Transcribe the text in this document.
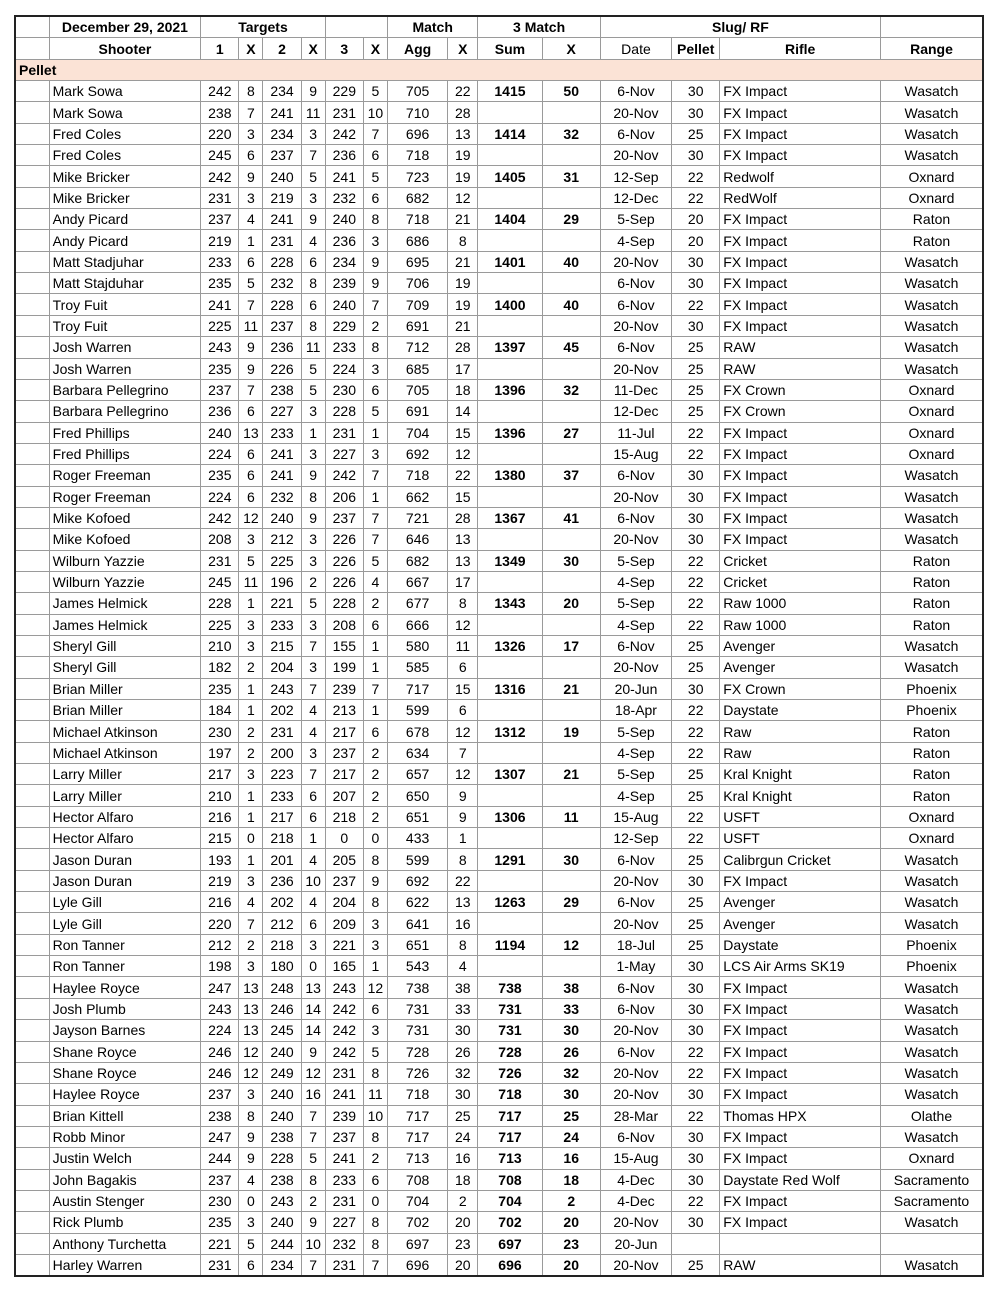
	December 29, 2021	Targets						Match		3 Match		Slug/ RF			
	Shooter	1	X	2	X	3	X	Agg	X	Sum	X	Date	Pellet	Rifle	Range
Pellet															
	Mark Sowa	242	8	234	9	229	5	705	22	1415	50	6-Nov	30	FX Impact	Wasatch
	Mark Sowa	238	7	241	11	231	10	710	28			20-Nov	30	FX Impact	Wasatch
	Fred Coles	220	3	234	3	242	7	696	13	1414	32	6-Nov	25	FX Impact	Wasatch
	Fred Coles	245	6	237	7	236	6	718	19			20-Nov	30	FX Impact	Wasatch
	Mike Bricker	242	9	240	5	241	5	723	19	1405	31	12-Sep	22	Redwolf	Oxnard
	Mike Bricker	231	3	219	3	232	6	682	12			12-Dec	22	RedWolf	Oxnard
	Andy Picard	237	4	241	9	240	8	718	21	1404	29	5-Sep	20	FX Impact	Raton
	Andy Picard	219	1	231	4	236	3	686	8			4-Sep	20	FX Impact	Raton
	Matt Stadjuhar	233	6	228	6	234	9	695	21	1401	40	20-Nov	30	FX Impact	Wasatch
	Matt Stajduhar	235	5	232	8	239	9	706	19			6-Nov	30	FX Impact	Wasatch
	Troy Fuit	241	7	228	6	240	7	709	19	1400	40	6-Nov	22	FX Impact	Wasatch
	Troy Fuit	225	11	237	8	229	2	691	21			20-Nov	30	FX Impact	Wasatch
	Josh Warren	243	9	236	11	233	8	712	28	1397	45	6-Nov	25	RAW	Wasatch
	Josh Warren	235	9	226	5	224	3	685	17			20-Nov	25	RAW	Wasatch
	Barbara Pellegrino	237	7	238	5	230	6	705	18	1396	32	11-Dec	25	FX Crown	Oxnard
	Barbara Pellegrino	236	6	227	3	228	5	691	14			12-Dec	25	FX Crown	Oxnard
	Fred Phillips	240	13	233	1	231	1	704	15	1396	27	11-Jul	22	FX Impact	Oxnard
	Fred Phillips	224	6	241	3	227	3	692	12			15-Aug	22	FX Impact	Oxnard
	Roger Freeman	235	6	241	9	242	7	718	22	1380	37	6-Nov	30	FX Impact	Wasatch
	Roger Freeman	224	6	232	8	206	1	662	15			20-Nov	30	FX Impact	Wasatch
	Mike Kofoed	242	12	240	9	237	7	721	28	1367	41	6-Nov	30	FX Impact	Wasatch
	Mike Kofoed	208	3	212	3	226	7	646	13			20-Nov	30	FX Impact	Wasatch
	Wilburn Yazzie	231	5	225	3	226	5	682	13	1349	30	5-Sep	22	Cricket	Raton
	Wilburn Yazzie	245	11	196	2	226	4	667	17			4-Sep	22	Cricket	Raton
	James Helmick	228	1	221	5	228	2	677	8	1343	20	5-Sep	22	Raw 1000	Raton
	James Helmick	225	3	233	3	208	6	666	12			4-Sep	22	Raw 1000	Raton
	Sheryl Gill	210	3	215	7	155	1	580	11	1326	17	6-Nov	25	Avenger	Wasatch
	Sheryl Gill	182	2	204	3	199	1	585	6			20-Nov	25	Avenger	Wasatch
	Brian Miller	235	1	243	7	239	7	717	15	1316	21	20-Jun	30	FX Crown	Phoenix
	Brian Miller	184	1	202	4	213	1	599	6			18-Apr	22	Daystate	Phoenix
	Michael Atkinson	230	2	231	4	217	6	678	12	1312	19	5-Sep	22	Raw	Raton
	Michael Atkinson	197	2	200	3	237	2	634	7			4-Sep	22	Raw	Raton
	Larry Miller	217	3	223	7	217	2	657	12	1307	21	5-Sep	25	Kral Knight	Raton
	Larry Miller	210	1	233	6	207	2	650	9			4-Sep	25	Kral Knight	Raton
	Hector Alfaro	216	1	217	6	218	2	651	9	1306	11	15-Aug	22	USFT	Oxnard
	Hector Alfaro	215	0	218	1	0	0	433	1			12-Sep	22	USFT	Oxnard
	Jason Duran	193	1	201	4	205	8	599	8	1291	30	6-Nov	25	Calibrgun Cricket	Wasatch
	Jason Duran	219	3	236	10	237	9	692	22			20-Nov	30	FX Impact	Wasatch
	Lyle Gill	216	4	202	4	204	8	622	13	1263	29	6-Nov	25	Avenger	Wasatch
	Lyle Gill	220	7	212	6	209	3	641	16			20-Nov	25	Avenger	Wasatch
	Ron Tanner	212	2	218	3	221	3	651	8	1194	12	18-Jul	25	Daystate	Phoenix
	Ron Tanner	198	3	180	0	165	1	543	4			1-May	30	LCS Air Arms SK19	Phoenix
	Haylee Royce	247	13	248	13	243	12	738	38	738	38	6-Nov	30	FX Impact	Wasatch
	Josh Plumb	243	13	246	14	242	6	731	33	731	33	6-Nov	30	FX Impact	Wasatch
	Jayson Barnes	224	13	245	14	242	3	731	30	731	30	20-Nov	30	FX Impact	Wasatch
	Shane Royce	246	12	240	9	242	5	728	26	728	26	6-Nov	22	FX Impact	Wasatch
	Shane Royce	246	12	249	12	231	8	726	32	726	32	20-Nov	22	FX Impact	Wasatch
	Haylee Royce	237	3	240	16	241	11	718	30	718	30	20-Nov	30	FX Impact	Wasatch
	Brian Kittell	238	8	240	7	239	10	717	25	717	25	28-Mar	22	Thomas HPX	Olathe
	Robb Minor	247	9	238	7	237	8	717	24	717	24	6-Nov	30	FX Impact	Wasatch
	Justin Welch	244	9	228	5	241	2	713	16	713	16	15-Aug	30	FX Impact	Oxnard
	John Bagakis	237	4	238	8	233	6	708	18	708	18	4-Dec	30	Daystate Red Wolf	Sacramento
	Austin Stenger	230	0	243	2	231	0	704	2	704	2	4-Dec	22	FX Impact	Sacramento
	Rick Plumb	235	3	240	9	227	8	702	20	702	20	20-Nov	30	FX Impact	Wasatch
	Anthony Turchetta	221	5	244	10	232	8	697	23	697	23	20-Jun			
	Harley Warren	231	6	234	7	231	7	696	20	696	20	20-Nov	25	RAW	Wasatch
